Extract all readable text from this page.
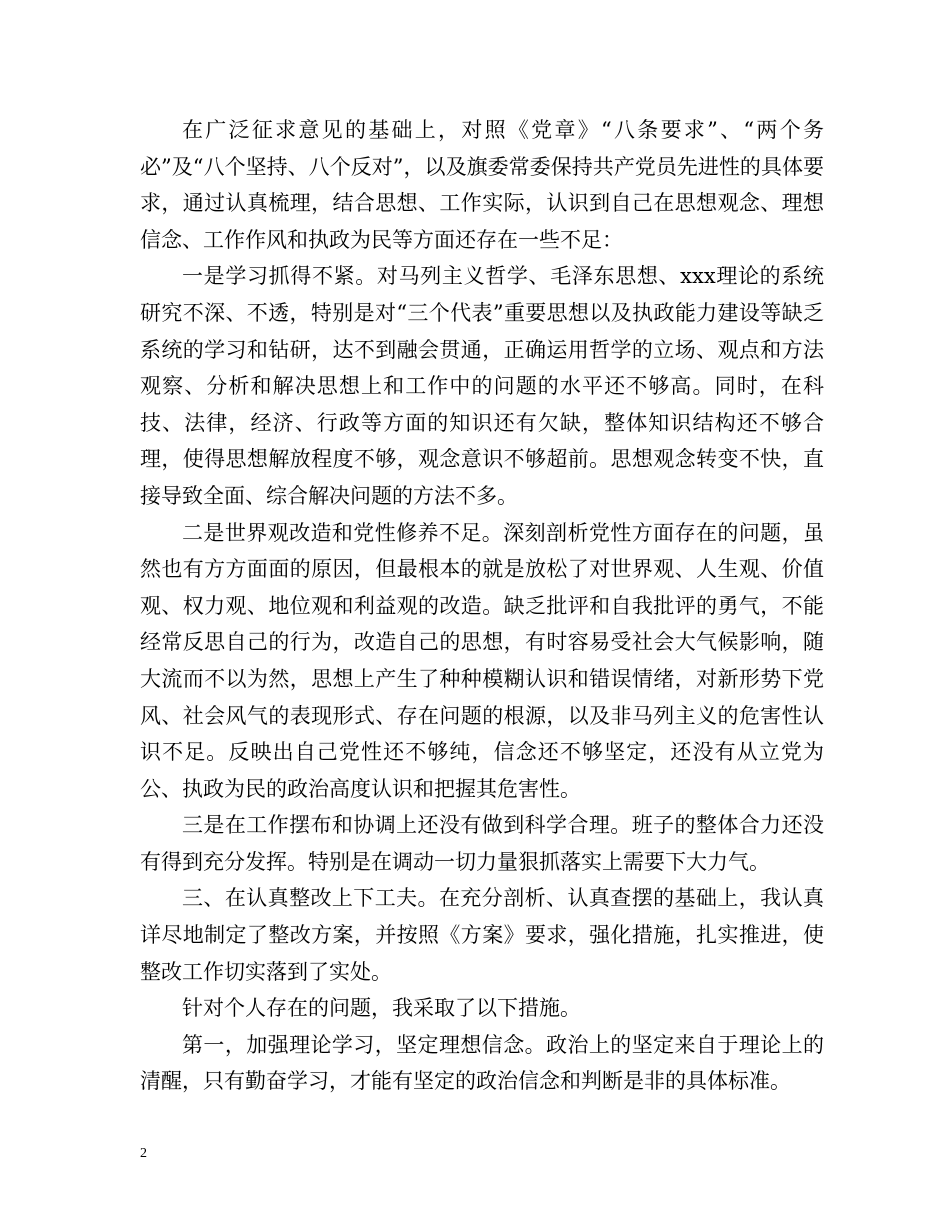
在广泛征求意见的基础上，对照《党章》“八条要求”、“两个务必”及“八个坚持、八个反对”，以及旗委常委保持共产党员先进性的具体要求，通过认真梳理，结合思想、工作实际，认识到自己在思想观念、理想信念、工作作风和执政为民等方面还存在一些不足：

一是学习抓得不紧。对马列主义哲学、毛泽东思想、xxx理论的系统研究不深、不透，特别是对“三个代表”重要思想以及执政能力建设等缺乏系统的学习和钻研，达不到融会贯通，正确运用哲学的立场、观点和方法观察、分析和解决思想上和工作中的问题的水平还不够高。同时，在科技、法律，经济、行政等方面的知识还有欠缺，整体知识结构还不够合理，使得思想解放程度不够，观念意识不够超前。思想观念转变不快，直接导致全面、综合解决问题的方法不多。

二是世界观改造和党性修养不足。深刻剖析党性方面存在的问题，虽然也有方方面面的原因，但最根本的就是放松了对世界观、人生观、价值观、权力观、地位观和利益观的改造。缺乏批评和自我批评的勇气，不能经常反思自己的行为，改造自己的思想，有时容易受社会大气候影响，随大流而不以为然，思想上产生了种种模糊认识和错误情绪，对新形势下党风、社会风气的表现形式、存在问题的根源，以及非马列主义的危害性认识不足。反映出自己党性还不够纯，信念还不够坚定，还没有从立党为公、执政为民的政治高度认识和把握其危害性。

三是在工作摆布和协调上还没有做到科学合理。班子的整体合力还没有得到充分发挥。特别是在调动一切力量狠抓落实上需要下大力气。

三、在认真整改上下工夫。在充分剖析、认真查摆的基础上，我认真详尽地制定了整改方案，并按照《方案》要求，强化措施，扎实推进，使整改工作切实落到了实处。

针对个人存在的问题，我采取了以下措施。

第一，加强理论学习，坚定理想信念。政治上的坚定来自于理论上的清醒，只有勤奋学习，才能有坚定的政治信念和判断是非的具体标准。

2
